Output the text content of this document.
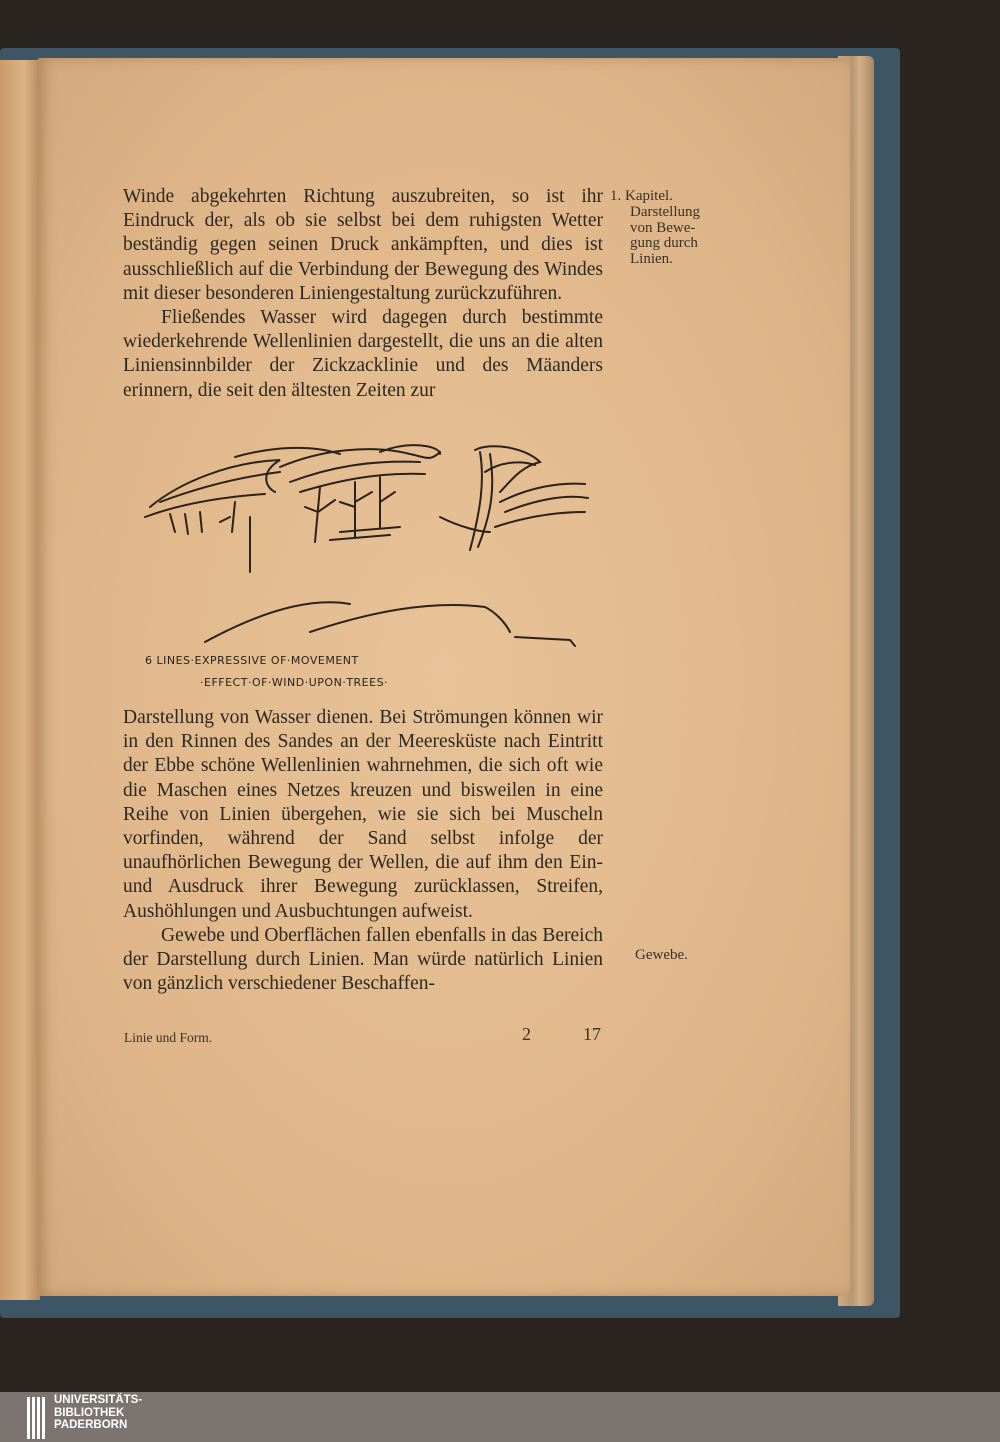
Winde abgekehrten Richtung auszubreiten, so ist ihr Eindruck der, als ob sie selbst bei dem ruhigsten Wetter beständig gegen seinen Druck ankämpften, und dies ist ausschließlich auf die Verbindung der Bewegung des Windes mit dieser besonderen Liniengestaltung zurückzuführen.

Fließendes Wasser wird dagegen durch bestimmte wiederkehrende Wellenlinien dargestellt, die uns an die alten Liniensinnbilder der Zickzacklinie und des Mäanders erinnern, die seit den ältesten Zeiten zur

1. Kapitel.
Darstellung
von Bewe-
gung durch
Linien.
6 LINES·EXPRESSIVE OF·MOVEMENT
·EFFECT·OF·WIND·UPON·TREES·

Darstellung von Wasser dienen. Bei Strömungen können wir in den Rinnen des Sandes an der Meeresküste nach Eintritt der Ebbe schöne Wellenlinien wahrnehmen, die sich oft wie die Maschen eines Netzes kreuzen und bisweilen in eine Reihe von Linien übergehen, wie sie sich bei Muscheln vorfinden, während der Sand selbst infolge der unaufhörlichen Bewegung der Wellen, die auf ihm den Ein- und Ausdruck ihrer Bewegung zurücklassen, Streifen, Aushöhlungen und Ausbuchtungen aufweist.

Gewebe und Oberflächen fallen ebenfalls in das Bereich der Darstellung durch Linien. Man würde natürlich Linien von gänzlich verschiedener Beschaffen-

Gewebe.
Linie und Form.	2	17
UNIVERSITÄTS-
BIBLIOTHEK
PADERBORN
